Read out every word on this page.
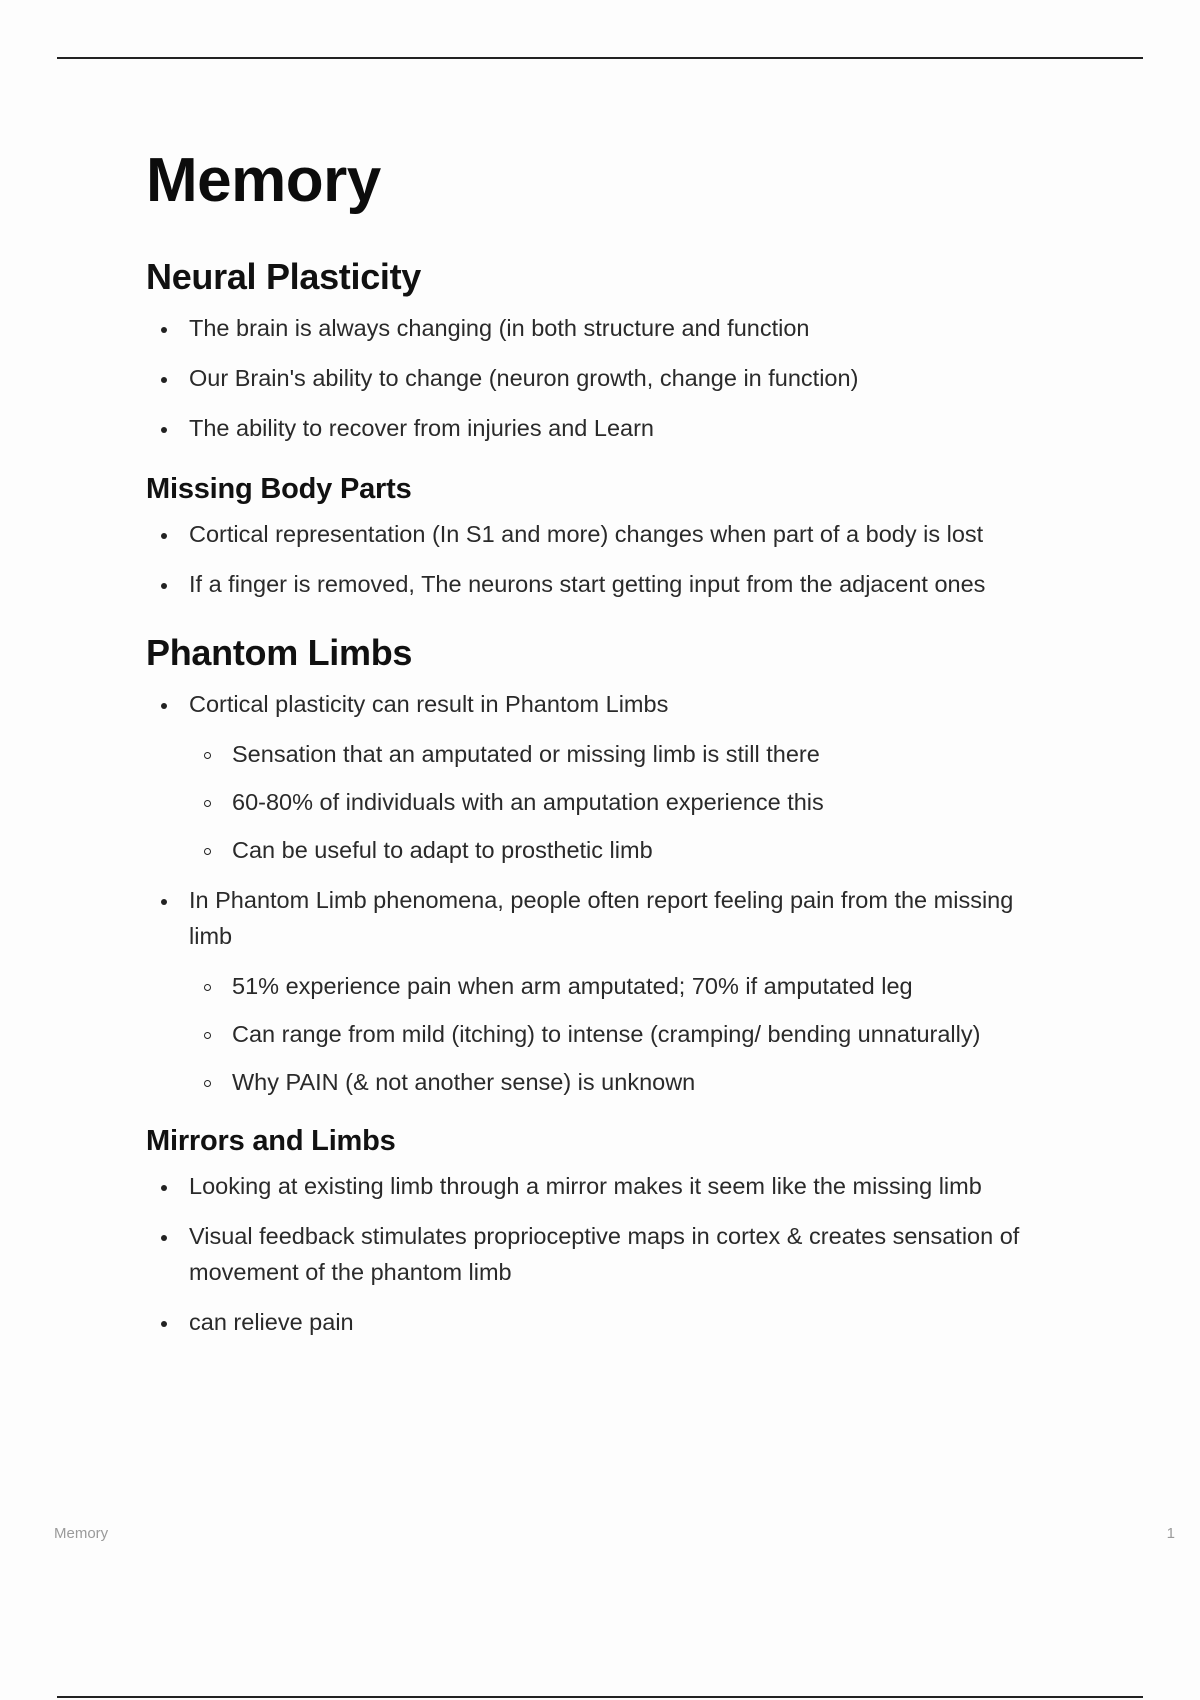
Memory
Neural Plasticity
The brain is always changing (in both structure and function
Our Brain's ability to change (neuron growth, change in function)
The ability to recover from injuries and Learn
Missing Body Parts
Cortical representation (In S1 and more) changes when part of a body is lost
If a finger is removed, The neurons start getting input from the adjacent ones
Phantom Limbs
Cortical plasticity can result in Phantom Limbs
Sensation that an amputated or missing limb is still there
60-80% of individuals with an amputation experience this
Can be useful to adapt to prosthetic limb
In Phantom Limb phenomena, people often report feeling pain from the missing limb
51% experience pain when arm amputated; 70% if amputated leg
Can range from mild (itching) to intense (cramping/ bending unnaturally)
Why PAIN (& not another sense) is unknown
Mirrors and Limbs
Looking at existing limb through a mirror makes it seem like the missing limb
Visual feedback stimulates proprioceptive maps in cortex & creates sensation of movement of the phantom limb
can relieve pain
Memory	1
